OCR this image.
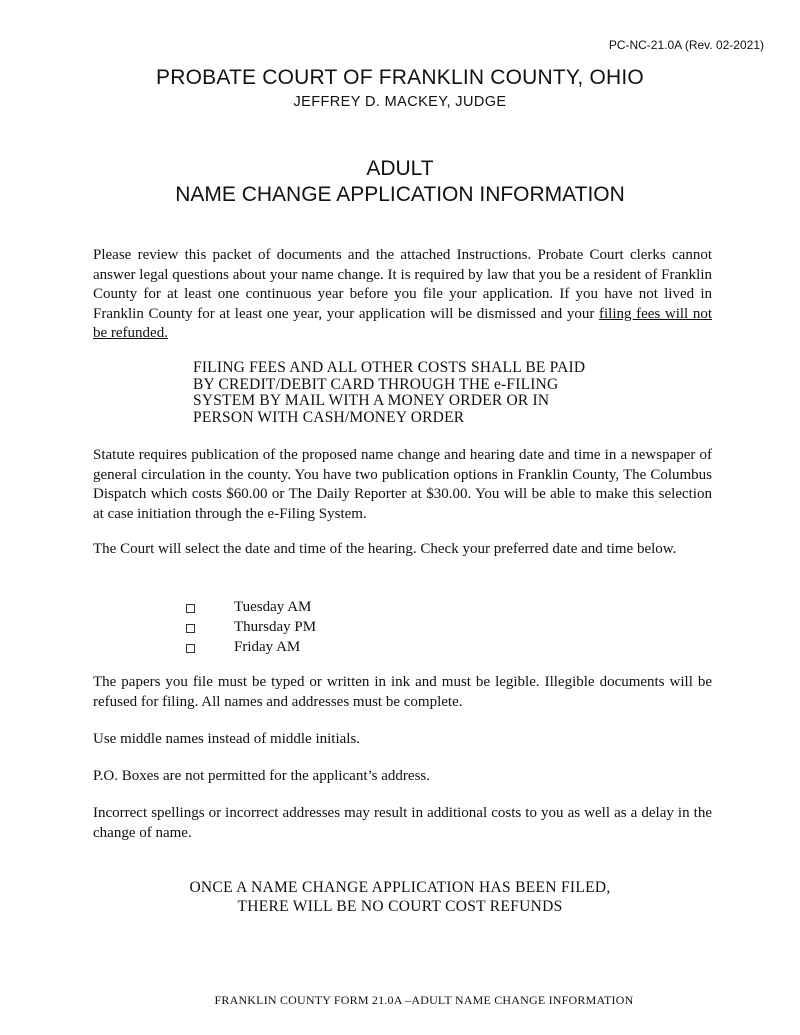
PC-NC-21.0A (Rev. 02-2021)
PROBATE COURT OF FRANKLIN COUNTY, OHIO
JEFFREY D. MACKEY, JUDGE
ADULT
NAME CHANGE APPLICATION INFORMATION
Please review this packet of documents and the attached Instructions. Probate Court clerks cannot answer legal questions about your name change. It is required by law that you be a resident of Franklin County for at least one continuous year before you file your application. If you have not lived in Franklin County for at least one year, your application will be dismissed and your filing fees will not be refunded.
FILING FEES AND ALL OTHER COSTS SHALL BE PAID
BY CREDIT/DEBIT CARD THROUGH THE e-FILING
SYSTEM BY MAIL WITH A MONEY ORDER OR IN
PERSON WITH CASH/MONEY ORDER
Statute requires publication of the proposed name change and hearing date and time in a newspaper of general circulation in the county. You have two publication options in Franklin County, The Columbus Dispatch which costs $60.00 or The Daily Reporter at $30.00. You will be able to make this selection at case initiation through the e-Filing System.
The Court will select the date and time of the hearing. Check your preferred date and time below.
Tuesday AM
Thursday PM
Friday AM
The papers you file must be typed or written in ink and must be legible. Illegible documents will be refused for filing. All names and addresses must be complete.
Use middle names instead of middle initials.
P.O. Boxes are not permitted for the applicant’s address.
Incorrect spellings or incorrect addresses may result in additional costs to you as well as a delay in the change of name.
ONCE A NAME CHANGE APPLICATION HAS BEEN FILED,
THERE WILL BE NO COURT COST REFUNDS
FRANKLIN COUNTY FORM 21.0A –ADULT NAME CHANGE INFORMATION
